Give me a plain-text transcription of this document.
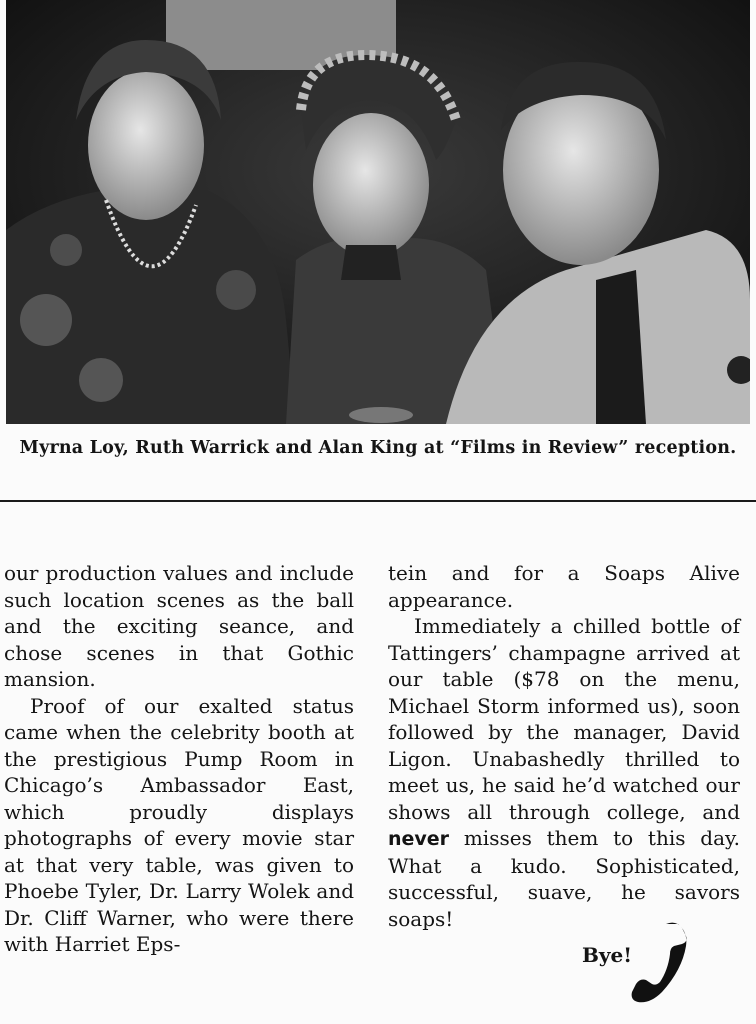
Myrna Loy, Ruth Warrick and Alan King at “Films in Review” reception.

our production values and include such location scenes as the ball and the exciting seance, and chose scenes in that Gothic mansion.

Proof of our exalted status came when the celebrity booth at the prestigious Pump Room in Chicago’s Ambassador East, which proudly displays photographs of every movie star at that very table, was given to Phoebe Tyler, Dr. Larry Wolek and Dr. Cliff Warner, who were there with Harriet Eps-

tein and for a Soaps Alive appearance.

Immediately a chilled bottle of Tattingers’ champagne arrived at our table ($78 on the menu, Michael Storm informed us), soon followed by the manager, David Ligon. Unabashedly thrilled to meet us, he said he’d watched our shows all through college, and never misses them to this day. What a kudo. Sophisticated, successful, suave, he savors soaps!

Bye!
